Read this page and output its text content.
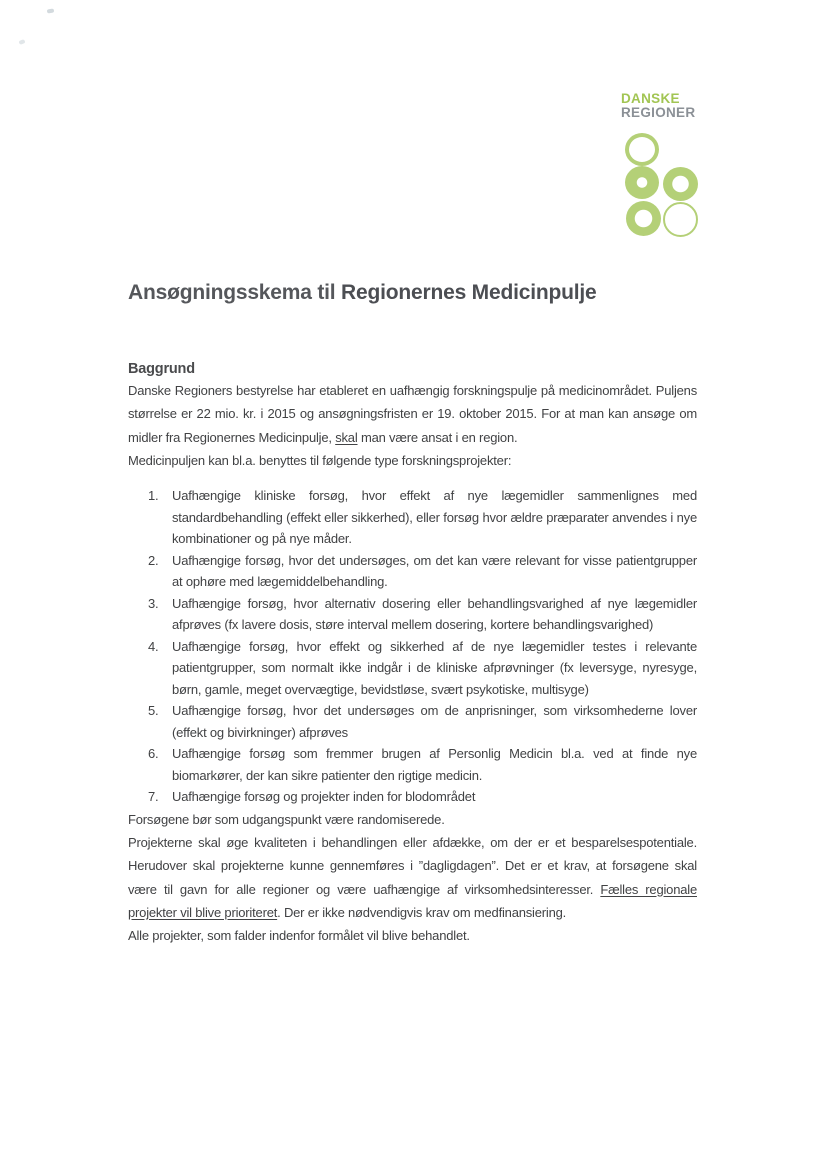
DANSKE
REGIONER
Ansøgningsskema til Regionernes Medicinpulje
Baggrund

Danske Regioners bestyrelse har etableret en uafhængig forskningspulje på medicinområdet. Puljens størrelse er 22 mio. kr. i 2015 og ansøgningsfristen er 19. oktober 2015. For at man kan ansøge om midler fra Regionernes Medicinpulje, skal man være ansat i en region.

Medicinpuljen kan bl.a. benyttes til følgende type forskningsprojekter:

1.	Uafhængige kliniske forsøg, hvor effekt af nye lægemidler sammenlignes med standardbehandling (effekt eller sikkerhed), eller forsøg hvor ældre præparater anvendes i nye kombinationer og på nye måder.
2.	Uafhængige forsøg, hvor det undersøges, om det kan være relevant for visse patientgrupper at ophøre med lægemiddelbehandling.
3.	Uafhængige forsøg, hvor alternativ dosering eller behandlingsvarighed af nye lægemidler afprøves (fx lavere dosis, støre interval mellem dosering, kortere behandlingsvarighed)
4.	Uafhængige forsøg, hvor effekt og sikkerhed af de nye lægemidler testes i relevante patientgrupper, som normalt ikke indgår i de kliniske afprøvninger (fx leversyge, nyresyge, børn, gamle, meget overvægtige, bevidstløse, svært psykotiske, multisyge)
5.	Uafhængige forsøg, hvor det undersøges om de anprisninger, som virksomhederne lover (effekt og bivirkninger) afprøves
6.	Uafhængige forsøg som fremmer brugen af Personlig Medicin bl.a. ved at finde nye biomarkører, der kan sikre patienter den rigtige medicin.
7.	Uafhængige forsøg og projekter inden for blodområdet

Forsøgene bør som udgangspunkt være randomiserede.

Projekterne skal øge kvaliteten i behandlingen eller afdække, om der er et besparelsespotentiale. Herudover skal projekterne kunne gennemføres i ”dagligdagen”. Det er et krav, at forsøgene skal være til gavn for alle regioner og være uafhængige af virksomhedsinteresser. Fælles regionale projekter vil blive prioriteret. Der er ikke nødvendigvis krav om medfinansiering.

Alle projekter, som falder indenfor formålet vil blive behandlet.
